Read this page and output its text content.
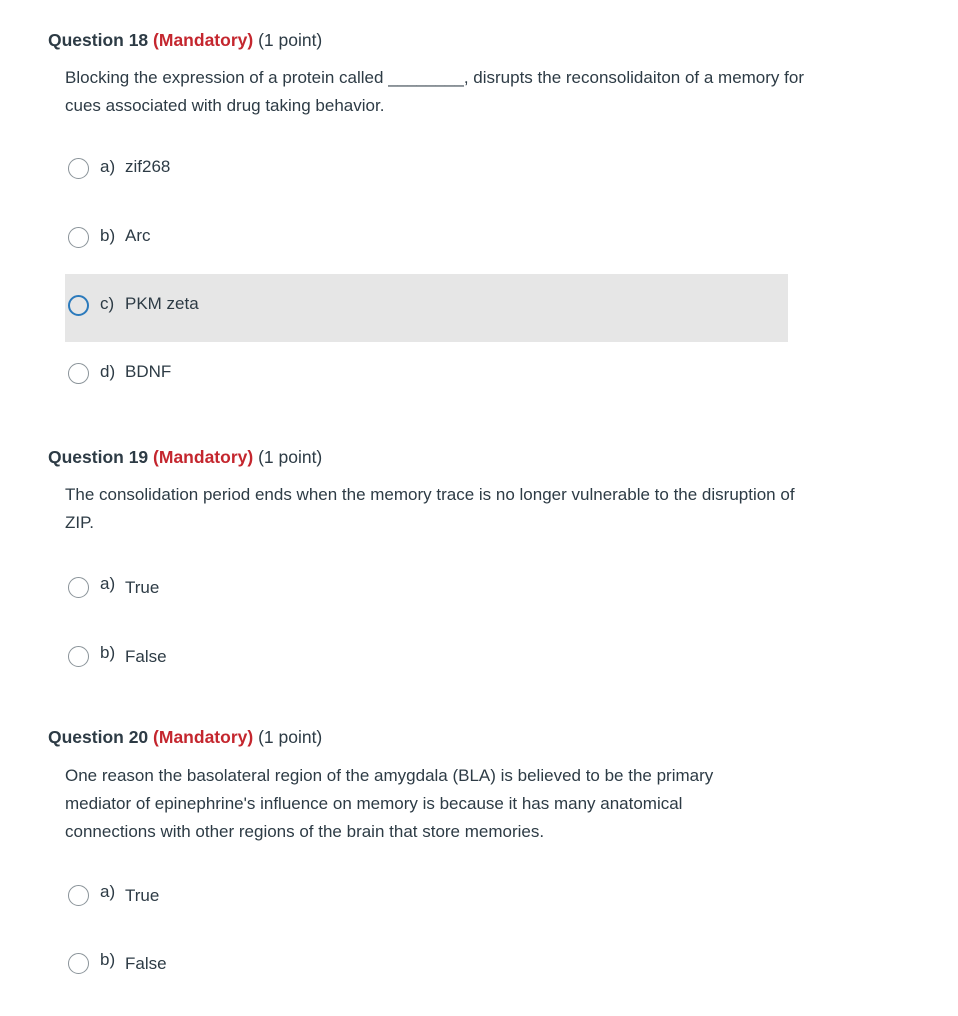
Question 18 (Mandatory) (1 point)
Blocking the expression of a protein called ________, disrupts the reconsolidaiton of a memory for cues associated with drug taking behavior.
a) zif268
b) Arc
c) PKM zeta
d) BDNF
Question 19 (Mandatory) (1 point)
The consolidation period ends when the memory trace is no longer vulnerable to the disruption of ZIP.
a) True
b) False
Question 20 (Mandatory) (1 point)
One reason the basolateral region of the amygdala (BLA) is believed to be the primary mediator of epinephrine's influence on memory is because it has many anatomical connections with other regions of the brain that store memories.
a) True
b) False
